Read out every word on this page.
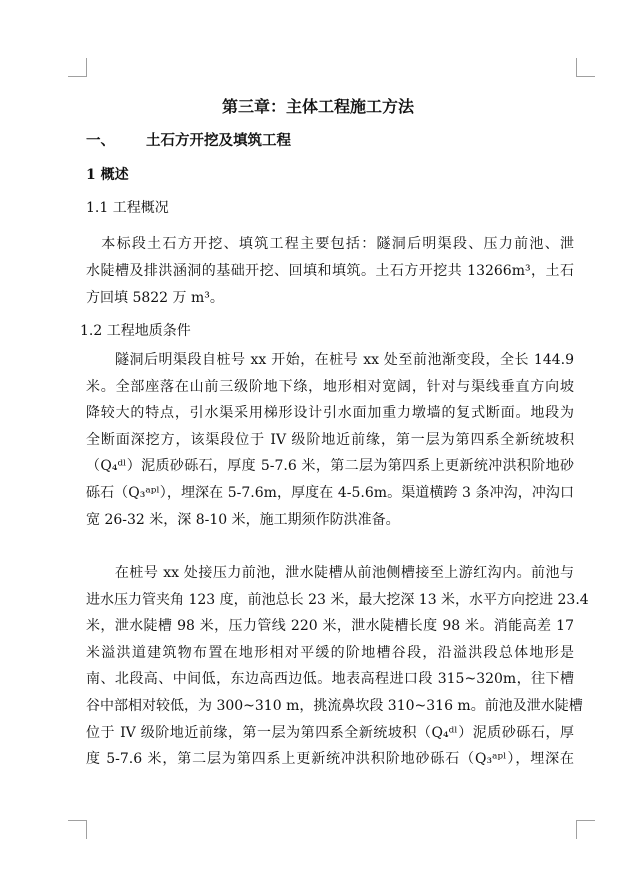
第三章：主体工程施工方法
一、 土石方开挖及填筑工程
1 概述
1.1 工程概况
　本标段土石方开挖、填筑工程主要包括：隧洞后明渠段、压力前池、泄
水陡槽及排洪涵洞的基础开挖、回填和填筑。土石方开挖共 13266m³，土石
方回填 5822 万 m³。
1.2 工程地质条件
　　隧洞后明渠段自桩号 xx 开始，在桩号 xx 处至前池渐变段，全长 144.9
米。全部座落在山前三级阶地下绦，地形相对宽阔，针对与渠线垂直方向坡
降较大的特点，引水渠采用梯形设计引水面加重力墩墙的复式断面。地段为
全断面深挖方，该渠段位于 IV 级阶地近前缘，第一层为第四系全新统坡积
（Q₄ᵈˡ）泥质砂砾石，厚度 5-7.6 米，第二层为第四系上更新统冲洪积阶地砂
砾石（Q₃ᵃᵖˡ），埋深在 5-7.6m，厚度在 4-5.6m。渠道横跨 3 条冲沟，冲沟口
宽 26-32 米，深 8-10 米，施工期须作防洪准备。
　　在桩号 xx 处接压力前池，泄水陡槽从前池侧槽接至上游红沟内。前池与
进水压力管夹角 123 度，前池总长 23 米，最大挖深 13 米，水平方向挖进 23.4
米，泄水陡槽 98 米，压力管线 220 米，泄水陡槽长度 98 米。消能高差 17
米溢洪道建筑物布置在地形相对平缓的阶地槽谷段，沿溢洪段总体地形是
南、北段高、中间低，东边高西边低。地表高程进口段 315~320m，往下槽
谷中部相对较低，为 300~310 m，挑流鼻坎段 310~316 m。前池及泄水陡槽
位于 IV 级阶地近前缘，第一层为第四系全新统坡积（Q₄ᵈˡ）泥质砂砾石，厚
度 5-7.6 米，第二层为第四系上更新统冲洪积阶地砂砾石（Q₃ᵃᵖˡ），埋深在
